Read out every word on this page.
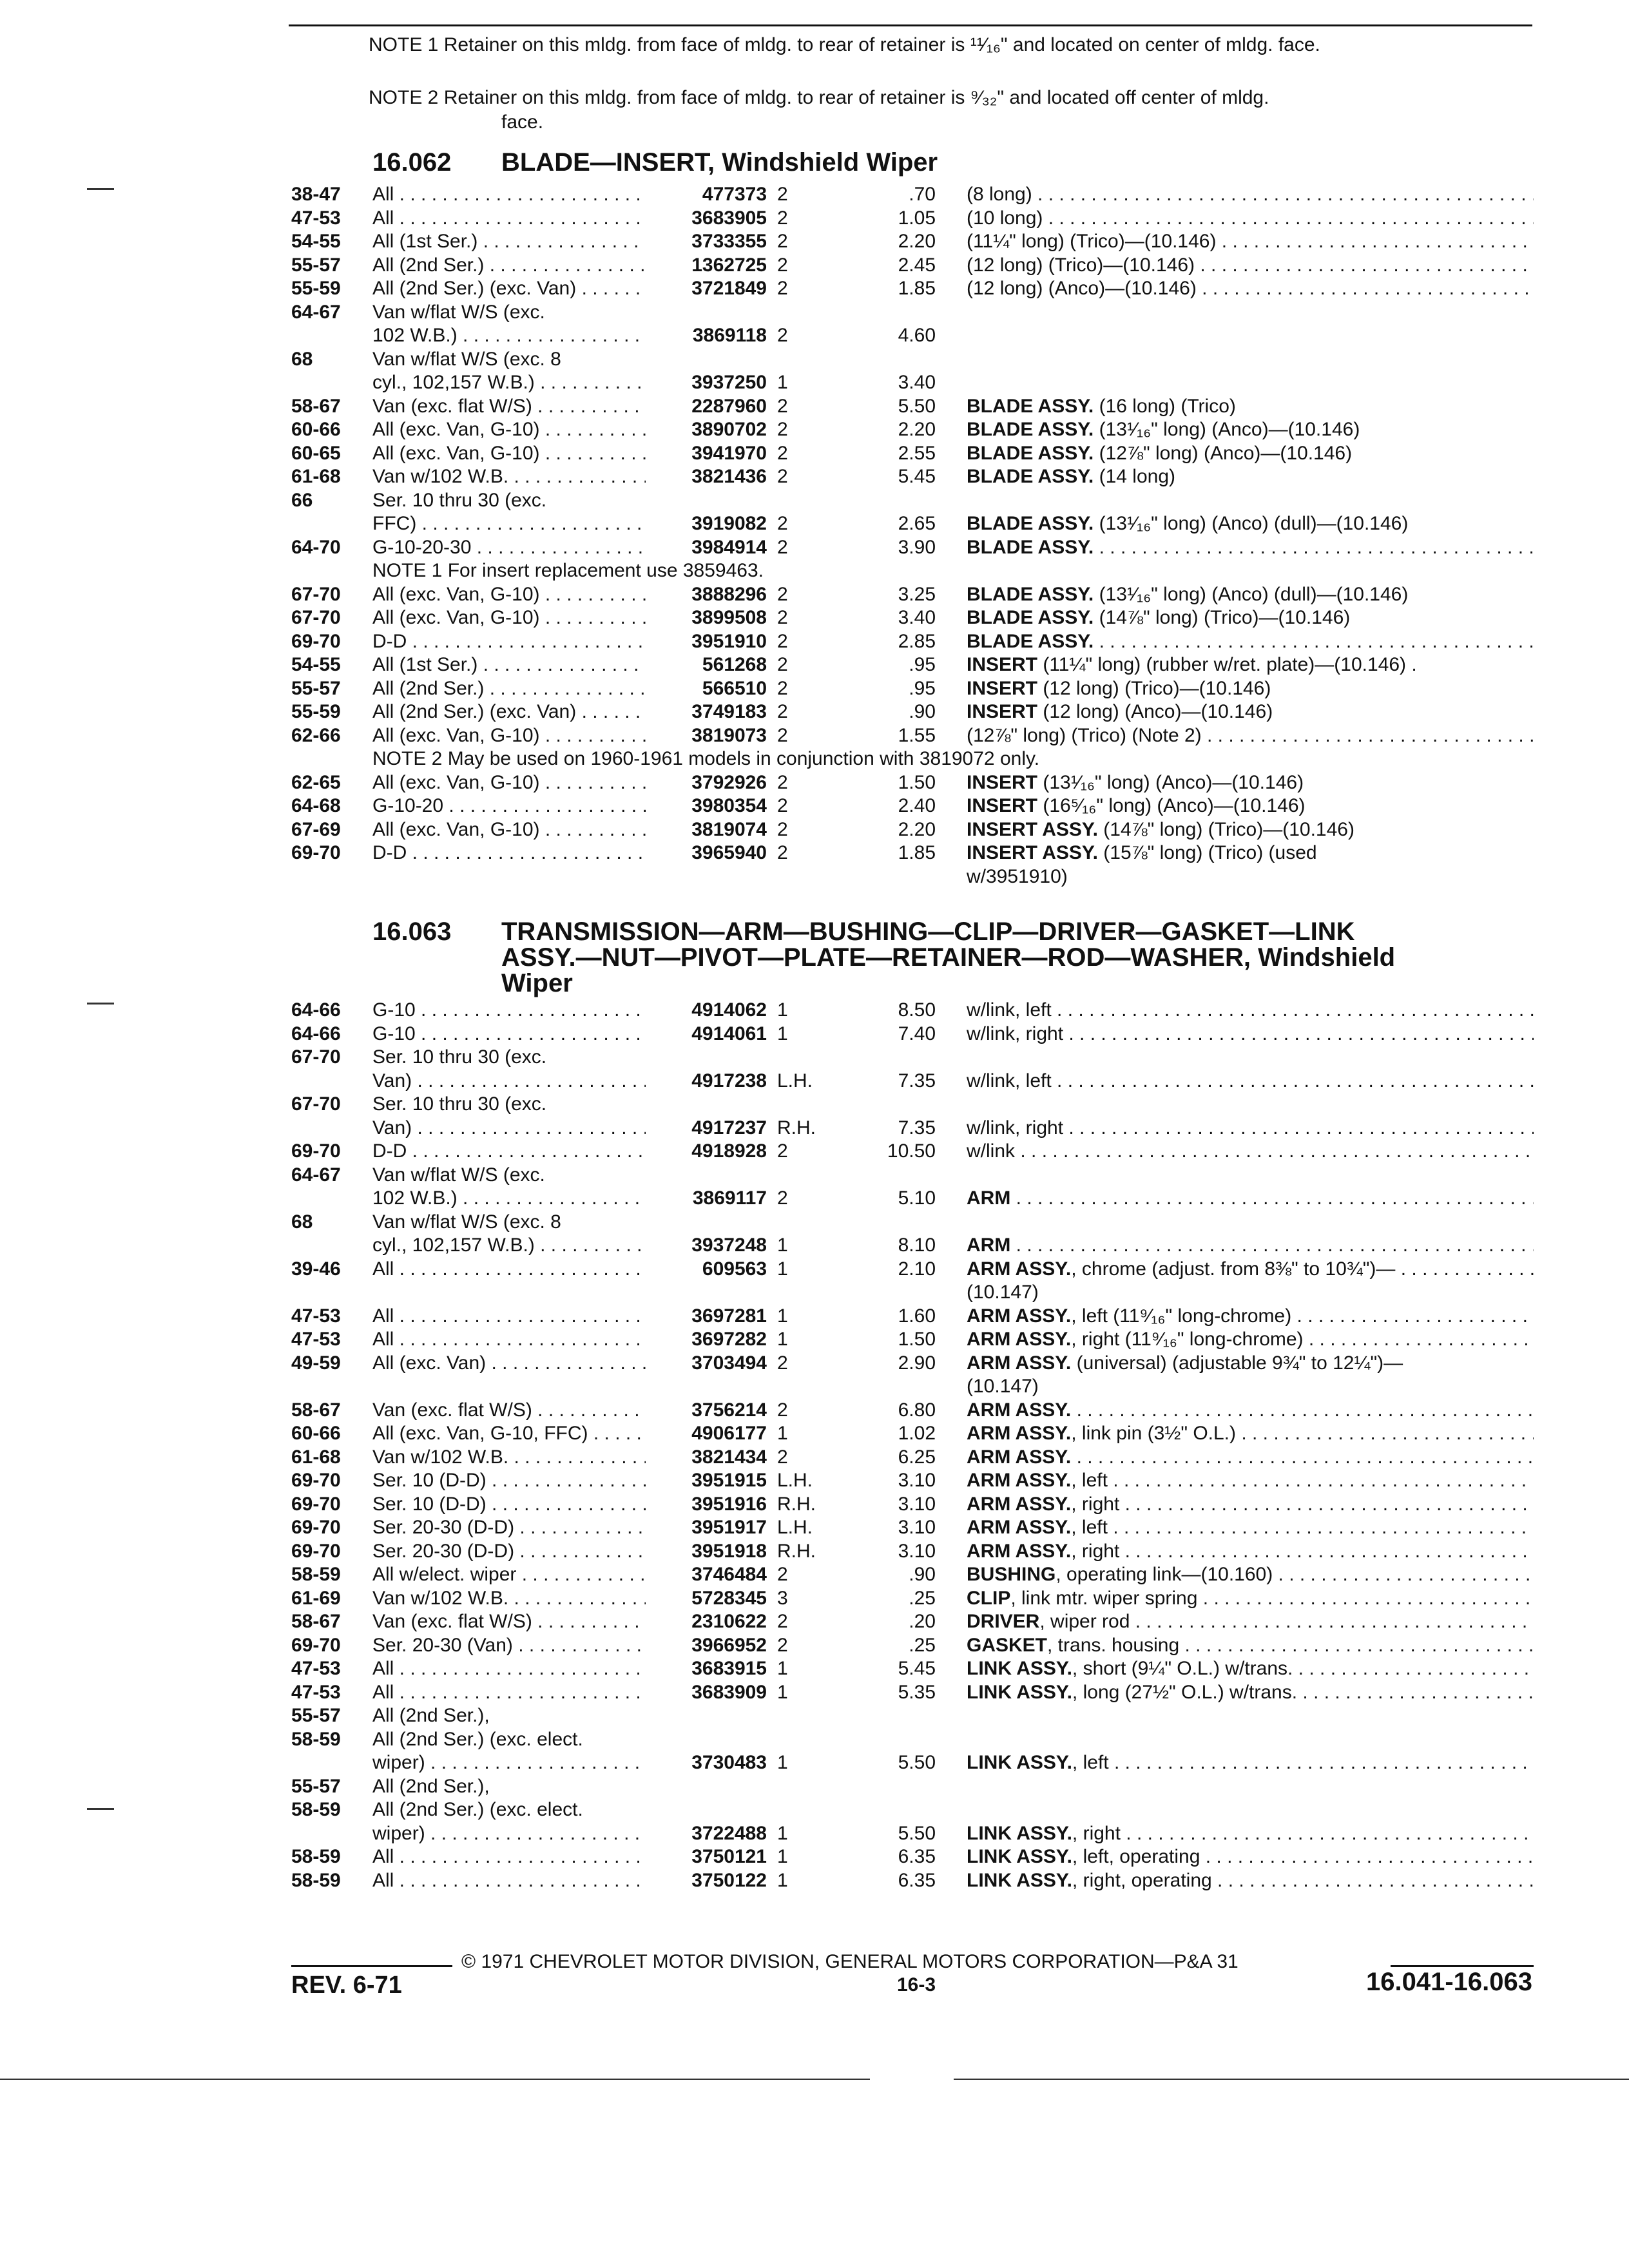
NOTE 1 Retainer on this mldg. from face of mldg. to rear of retainer is ¹¹⁄₁₆" and located on center of mldg. face.
NOTE 2 Retainer on this mldg. from face of mldg. to rear of retainer is ⁹⁄₃₂" and located off center of mldg.
face.
16.062 BLADE—INSERT, Windshield Wiper
38-47 All . . .	477373 2	.70 (8 long) . . .
47-53 All . . .	3683905 2	1.05 (10 long) . . .
54-55 All (1st Ser.) . . .	3733355 2	2.20 (11¼" long) (Trico)—(10.146) . . .
55-57 All (2nd Ser.) . . .	1362725 2	2.45 (12 long) (Trico)—(10.146) . . .
55-59 All (2nd Ser.) (exc. Van) . . .	3721849 2	1.85 (12 long) (Anco)—(10.146) . . .
64-67 Van w/flat W/S (exc.
102 W.B.) . . .	3869118 2	4.60
68	Van w/flat W/S (exc. 8
cyl., 102,157 W.B.) . . .	3937250 1	3.40
58-67 Van (exc. flat W/S) . . .	2287960 2	5.50 BLADE ASSY. (16 long) (Trico)
60-66 All (exc. Van, G-10) . . .	3890702 2	2.20 BLADE ASSY. (13¹⁄₁₆" long) (Anco)—(10.146)
60-65 All (exc. Van, G-10) . . .	3941970 2	2.55 BLADE ASSY. (12⅞" long) (Anco)—(10.146)
61-68 Van w/102 W.B. . . .	3821436 2	5.45 BLADE ASSY. (14 long)
66	Ser. 10 thru 30 (exc.
FFC) . . .	3919082 2	2.65 BLADE ASSY. (13¹⁄₁₆" long) (Anco) (dull)—(10.146)
64-70 G-10-20-30 . . .	3984914 2	3.90 BLADE ASSY. . . .
NOTE 1 For insert replacement use 3859463.
67-70 All (exc. Van, G-10) . . .	3888296 2	3.25 BLADE ASSY. (13¹⁄₁₆" long) (Anco) (dull)—(10.146)
67-70 All (exc. Van, G-10) . . .	3899508 2	3.40 BLADE ASSY. (14⅞" long) (Trico)—(10.146)
69-70 D-D . . .	3951910 2	2.85 BLADE ASSY. . . .
54-55 All (1st Ser.) . . .	561268 2	.95 INSERT (11¼" long) (rubber w/ret. plate)—(10.146) .
55-57 All (2nd Ser.) . . .	566510 2	.95 INSERT (12 long) (Trico)—(10.146)
55-59 All (2nd Ser.) (exc. Van) . . . .	3749183 2	.90 INSERT (12 long) (Anco)—(10.146)
62-66 All (exc. Van, G-10) . . .	3819073 2	1.55 (12⅞" long) (Trico) (Note 2) . . .
NOTE 2 May be used on 1960-1961 models in conjunction with 3819072 only.
62-65 All (exc. Van, G-10) . . .	3792926 2	1.50 INSERT (13¹⁄₁₆" long) (Anco)—(10.146)
64-68 G-10-20 . . .	3980354 2	2.40 INSERT (16⁵⁄₁₆" long) (Anco)—(10.146)
67-69 All (exc. Van, G-10) . . .	3819074 2	2.20 INSERT ASSY. (14⅞" long) (Trico)—(10.146)
69-70 D-D . . .	3965940 2	1.85 INSERT ASSY. (15⅞" long) (Trico) (used
w/3951910)
16.063 TRANSMISSION—ARM—BUSHING—CLIP—DRIVER—GASKET—LINK
ASSY.—NUT—PIVOT—PLATE—RETAINER—ROD—WASHER, Windshield
Wiper
64-66 G-10 . . .	4914062 1	8.50 w/link, left . . .
64-66 G-10 . . .	4914061 1	7.40 w/link, right . . .
67-70 Ser. 10 thru 30 (exc.
Van) . . .	4917238 L.H.	7.35 w/link, left . . .
67-70 Ser. 10 thru 30 (exc.
Van) . . .	4917237 R.H.	7.35 w/link, right . . .
69-70 D-D . . .	4918928 2	10.50 w/link . . .
64-67 Van w/flat W/S (exc.
102 W.B.) . . .	3869117 2	5.10 ARM . . .
68	Van w/flat W/S (exc. 8
cyl., 102,157 W.B.) . . .	3937248 1	8.10 ARM . . .
39-46 All . . .	609563 1	2.10 ARM ASSY., chrome (adjust. from 8⅜" to 10¾")— . . .
(10.147)
47-53 All . . .	3697281 1	1.60 ARM ASSY., left (11⁹⁄₁₆" long-chrome) . . .
47-53 All . . .	3697282 1	1.50 ARM ASSY., right (11⁹⁄₁₆" long-chrome) . . .
49-59 All (exc. Van) . . .	3703494 2	2.90 ARM ASSY. (universal) (adjustable 9¾" to 12¼")—
(10.147)
58-67 Van (exc. flat W/S) . . .	3756214 2	6.80 ARM ASSY. . . .
60-66 All (exc. Van, G-10, FFC) . . . .	4906177 1	1.02 ARM ASSY., link pin (3½" O.L.) . . .
61-68 Van w/102 W.B. . . .	3821434 2	6.25 ARM ASSY. . . .
69-70 Ser. 10 (D-D) . . .	3951915 L.H.	3.10 ARM ASSY., left . . .
69-70 Ser. 10 (D-D) . . .	3951916 R.H.	3.10 ARM ASSY., right . . .
69-70 Ser. 20-30 (D-D) . . .	3951917 L.H.	3.10 ARM ASSY., left . . .
69-70 Ser. 20-30 (D-D) . . .	3951918 R.H.	3.10 ARM ASSY., right . . .
58-59 All w/elect. wiper . . .	3746484 2	.90 BUSHING, operating link—(10.160) . . .
61-69 Van w/102 W.B. . . .	5728345 3	.25 CLIP, link mtr. wiper spring . . .
58-67 Van (exc. flat W/S) . . .	2310622 2	.20 DRIVER, wiper rod . . .
69-70 Ser. 20-30 (Van) . . .	3966952 2	.25 GASKET, trans. housing . . .
47-53 All . . .	3683915 1	5.45 LINK ASSY., short (9¼" O.L.) w/trans. . . .
47-53 All . . .	3683909 1	5.35 LINK ASSY., long (27½" O.L.) w/trans. . . .
55-57 All (2nd Ser.),
58-59 All (2nd Ser.) (exc. elect.
wiper) . . .	3730483 1	5.50 LINK ASSY., left . . .
55-57 All (2nd Ser.),
58-59 All (2nd Ser.) (exc. elect.
wiper) . . .	3722488 1	5.50 LINK ASSY., right . . .
58-59 All . . .	3750121 1	6.35 LINK ASSY., left, operating . . .
58-59 All . . .	3750122 1	6.35 LINK ASSY., right, operating . . .
© 1971 CHEVROLET MOTOR DIVISION, GENERAL MOTORS CORPORATION—P&A 31
REV. 6-71	16-3	16.041-16.063
